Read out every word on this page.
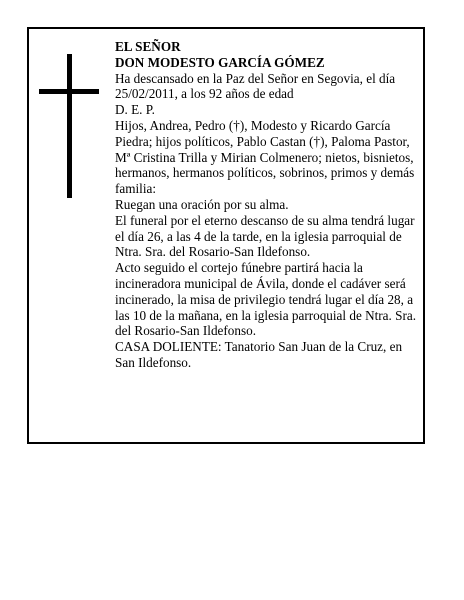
EL SEÑOR

DON MODESTO GARCÍA GÓMEZ

Ha descansado en la Paz del Señor en Segovia, el día 25/02/2011, a los 92 años de edad

D. E. P.

Hijos, Andrea, Pedro (†), Modesto y Ricardo García Piedra; hijos políticos, Pablo Castan (†), Paloma Pastor, Mª Cristina Trilla y Mirian Colmenero; nietos, bisnietos, hermanos, hermanos políticos, sobrinos, primos y demás familia:

Ruegan una oración por su alma.

El funeral por el eterno descanso de su alma tendrá lugar el día 26, a las 4 de la tarde, en la iglesia parroquial de Ntra. Sra. del Rosario-San Ildefonso.

Acto seguido el cortejo fúnebre partirá hacia la incineradora municipal de Ávila, donde el cadáver será incinerado, la misa de privilegio tendrá lugar el día 28, a las 10 de la mañana, en la iglesia parroquial de Ntra. Sra. del Rosario-San Ildefonso.

CASA DOLIENTE: Tanatorio San Juan de la Cruz, en San Ildefonso.
